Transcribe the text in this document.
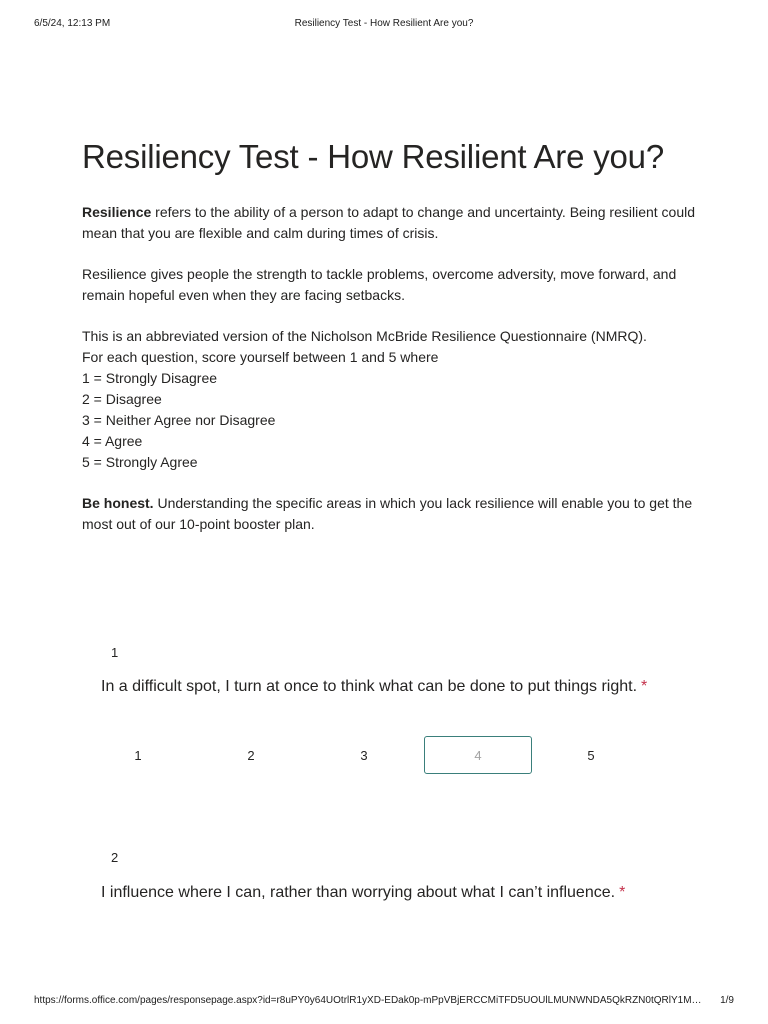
6/5/24, 12:13 PM	Resiliency Test - How Resilient Are you?
Resiliency Test - How Resilient Are you?

Resilience refers to the ability of a person to adapt to change and uncertainty. Being resilient could mean that you are flexible and calm during times of crisis.

Resilience gives people the strength to tackle problems, overcome adversity, move forward, and remain hopeful even when they are facing setbacks.

This is an abbreviated version of the Nicholson McBride Resilience Questionnaire (NMRQ).

For each question, score yourself between 1 and 5 where

1 = Strongly Disagree
2 = Disagree
3 = Neither Agree nor Disagree
4 = Agree
5 = Strongly Agree

Be honest. Understanding the specific areas in which you lack resilience will enable you to get the most out of our 10-point booster plan.

1
In a difficult spot, I turn at once to think what can be done to put things right. *
1	2	3	4	5
2
I influence where I can, rather than worrying about what I can’t influence. *
https://forms.office.com/pages/responsepage.aspx?id=r8uPY0y64UOtrlR1yXD-EDak0p-mPpVBjERCCMiTFD5UOUlLMUNWNDA5QkRZN0tQRlY1M…	1/9
